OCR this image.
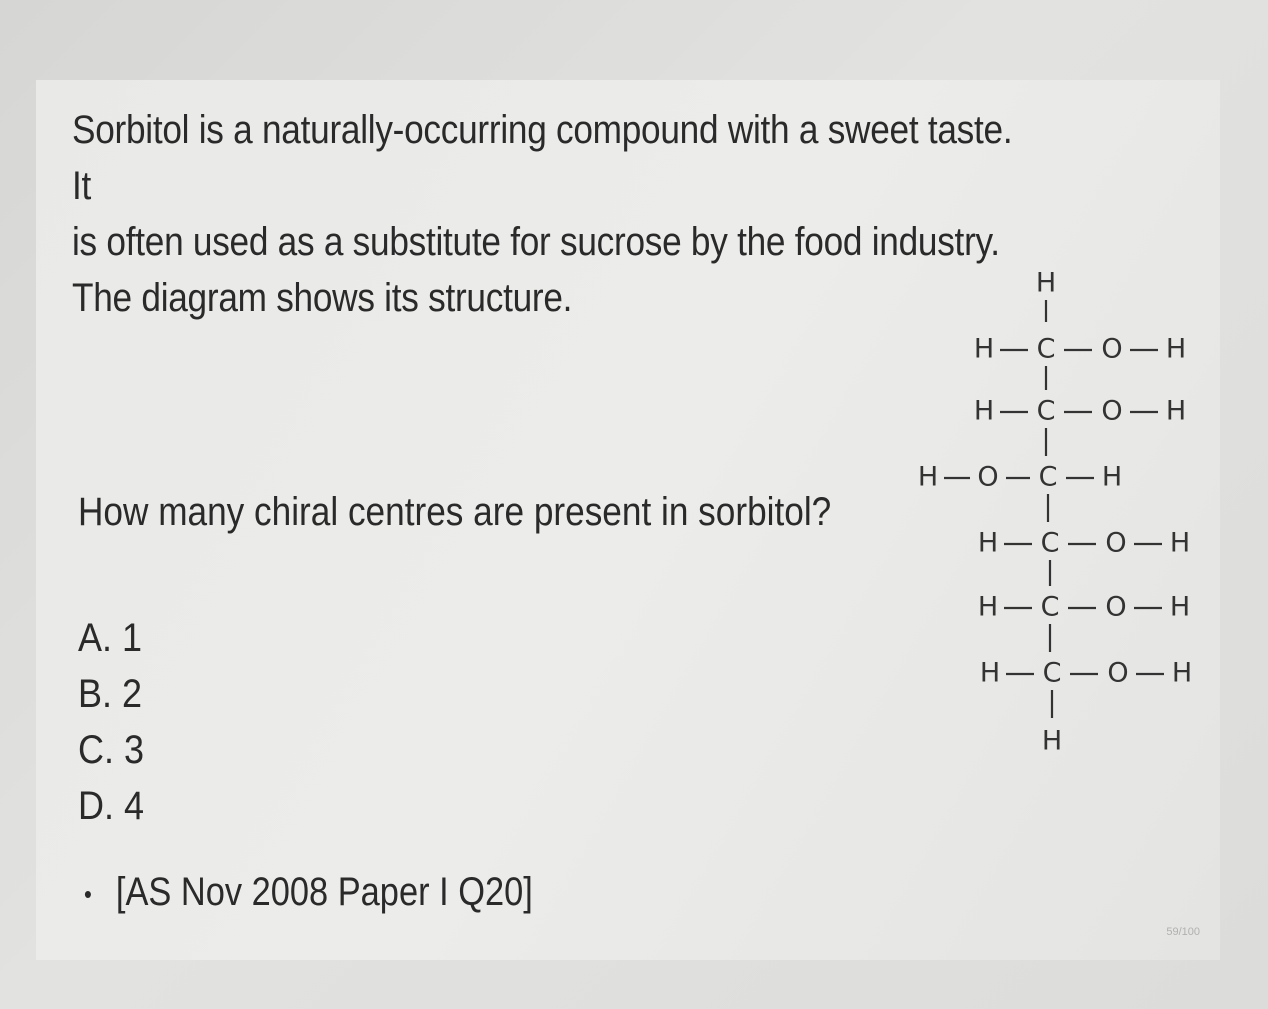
Sorbitol is a naturally-occurring compound with a sweet taste. It
is often used as a substitute for sucrose by the food industry.
The diagram shows its structure.
How many chiral centres are present in sorbitol?
A. 1
B. 2
C. 3
D. 4
• [AS Nov 2008 Paper I Q20]
59/100
H
H C O H
H C O H
H O C H
H C O H
H C O H
H C O H
H
